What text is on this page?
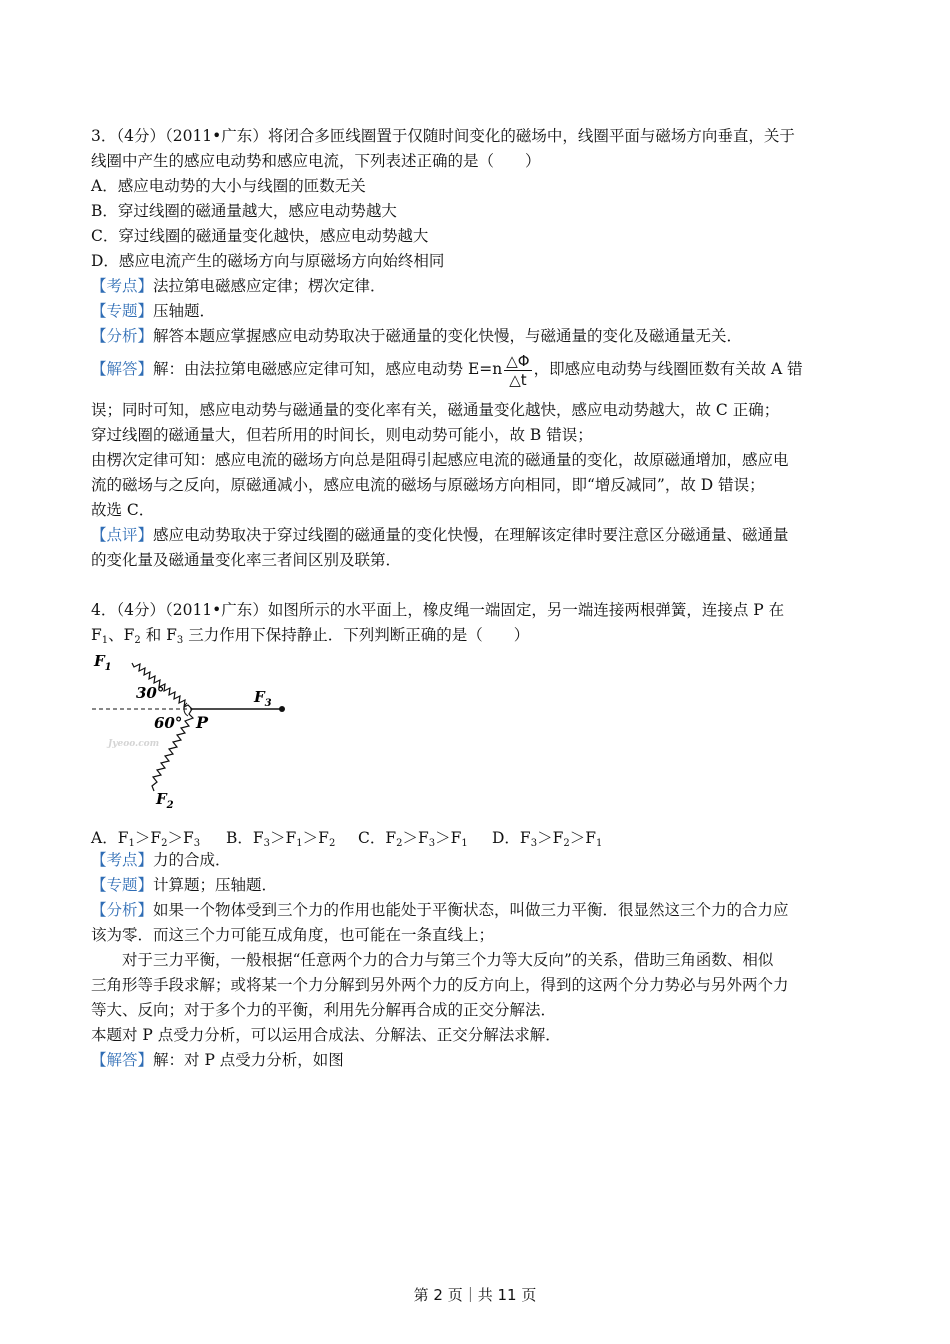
3．（4分）（2011•广东）将闭合多匝线圈置于仅随时间变化的磁场中，线圈平面与磁场方向垂直，关于
线圈中产生的感应电动势和感应电流，下列表述正确的是（　　）
A．感应电动势的大小与线圈的匝数无关
B．穿过线圈的磁通量越大，感应电动势越大
C．穿过线圈的磁通量变化越快，感应电动势越大
D．感应电流产生的磁场方向与原磁场方向始终相同
【考点】法拉第电磁感应定律；楞次定律．
【专题】压轴题．
【分析】解答本题应掌握感应电动势取决于磁通量的变化快慢，与磁通量的变化及磁通量无关．
【解答】解：由法拉第电磁感应定律可知，感应电动势 $E=n \frac{\triangle\Phi}{\triangle t}$ ，即感应电动势与线圈匝数有关故 A 错
误；同时可知，感应电动势与磁通量的变化率有关，磁通量变化越快，感应电动势越大，故 C 正确；
穿过线圈的磁通量大，但若所用的时间长，则电动势可能小，故 B 错误；
由楞次定律可知：感应电流的磁场方向总是阻碍引起感应电流的磁通量的变化，故原磁通增加，感应电
流的磁场与之反向，原磁通减小，感应电流的磁场与原磁场方向相同，即“增反减同”，故 D 错误；
故选 C．
【点评】感应电动势取决于穿过线圈的磁通量的变化快慢，在理解该定律时要注意区分磁通量、磁通量
的变化量及磁通量变化率三者间区别及联第．
4．（4分）（2011•广东）如图所示的水平面上，橡皮绳一端固定，另一端连接两根弹簧，连接点 P 在
$F_1$、$F_2$ 和 $F_3$ 三力作用下保持静止．下列判断正确的是（　　）
$F_1$
30°
60° P
$F_3$
$F_2$
Jyeoo.com
A．$F_1>F_2>F_3$ B．$F_3>F_1>F_2$ C．$F_2>F_3>F_1$ D．$F_3>F_2>F_1$
【考点】力的合成．
【专题】计算题；压轴题．
【分析】如果一个物体受到三个力的作用也能处于平衡状态，叫做三力平衡．很显然这三个力的合力应
该为零．而这三个力可能互成角度，也可能在一条直线上；
　　对于三力平衡，一般根据“任意两个力的合力与第三个力等大反向”的关系，借助三角函数、相似
三角形等手段求解；或将某一个力分解到另外两个力的反方向上，得到的这两个分力势必与另外两个力
等大、反向；对于多个力的平衡，利用先分解再合成的正交分解法．
本题对 P 点受力分析，可以运用合成法、分解法、正交分解法求解．
【解答】解：对 P 点受力分析，如图
第 2 页｜共 11 页
